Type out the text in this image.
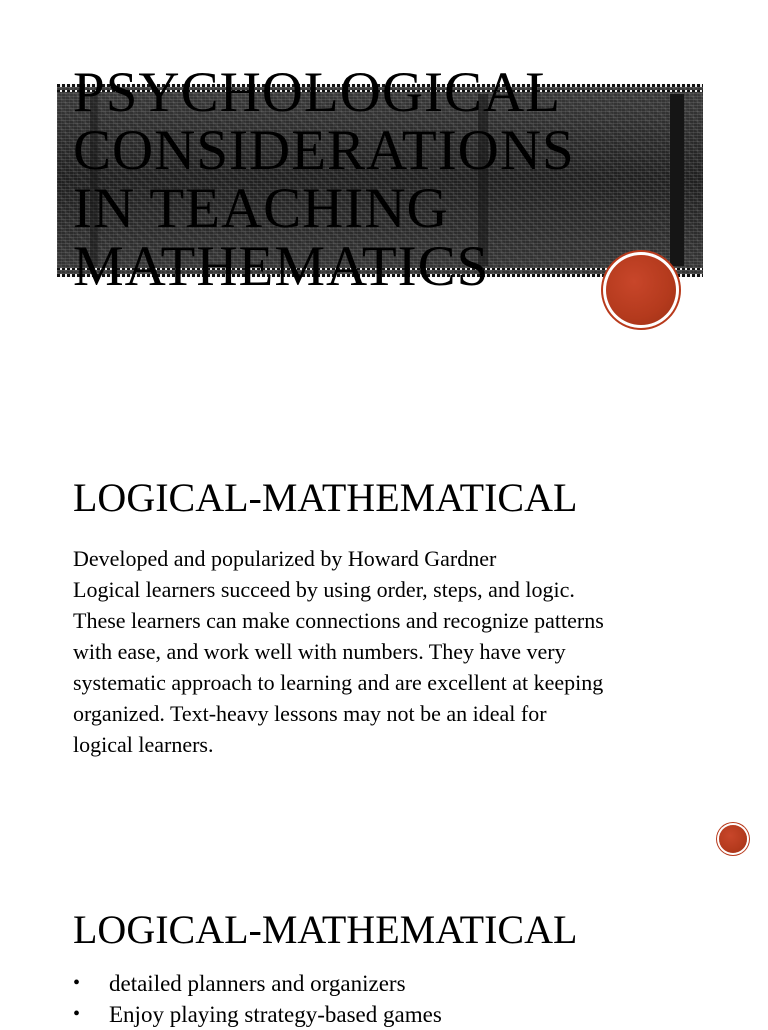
PSYCHOLOGICAL
CONSIDERATIONS
IN TEACHING
MATHEMATICS
LOGICAL-MATHEMATICAL

Developed and popularized by Howard Gardner
Logical learners succeed by using order, steps, and logic.
These learners can make connections and recognize patterns
with ease, and work well with numbers. They have very
systematic approach to learning and are excellent at keeping
organized. Text-heavy lessons may not be an ideal for
logical learners.

LOGICAL-MATHEMATICAL
• detailed planners and organizers
• Enjoy playing strategy-based games
